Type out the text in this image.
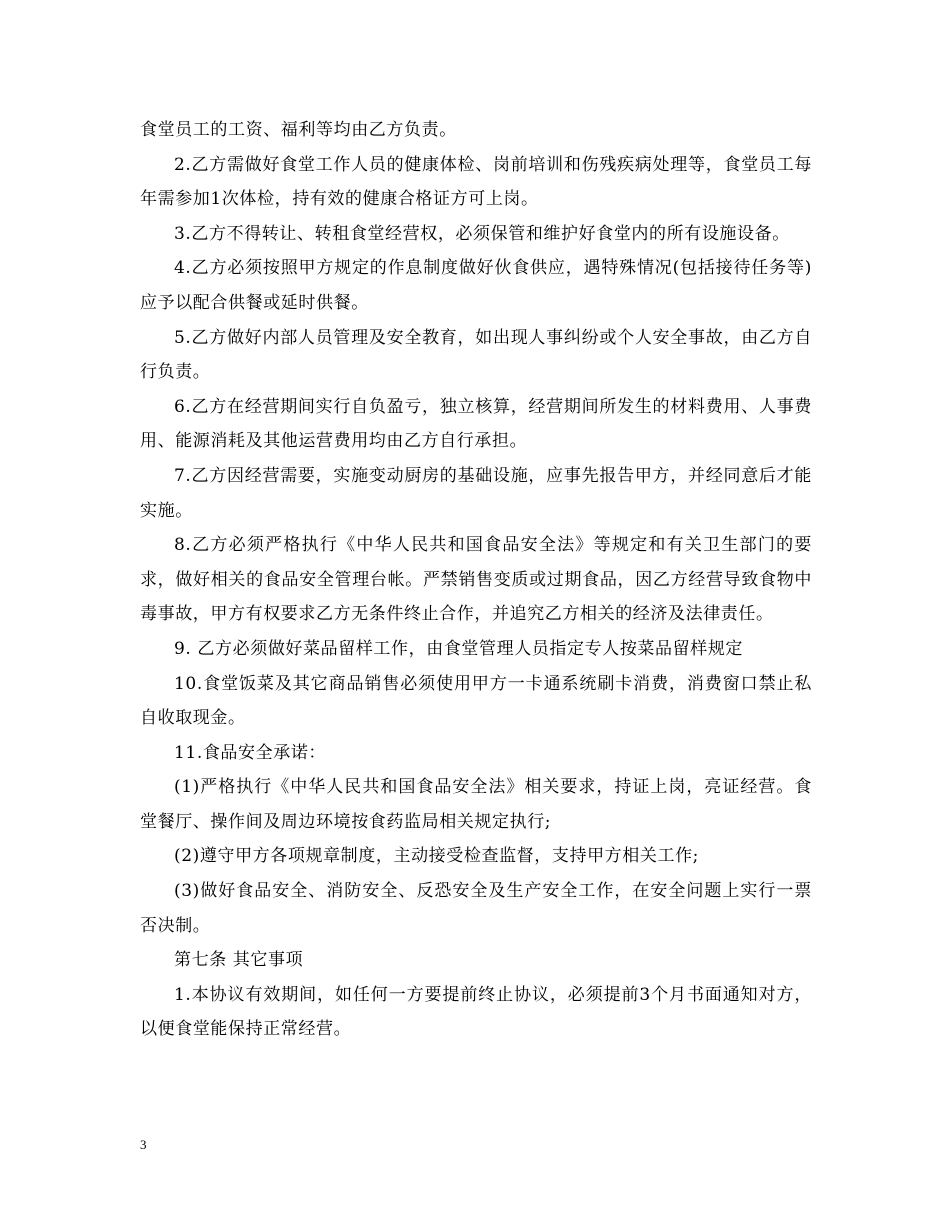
食堂员工的工资、福利等均由乙方负责。

2.乙方需做好食堂工作人员的健康体检、岗前培训和伤残疾病处理等，食堂员工每年需参加1次体检，持有效的健康合格证方可上岗。

3.乙方不得转让、转租食堂经营权，必须保管和维护好食堂内的所有设施设备。

4.乙方必须按照甲方规定的作息制度做好伙食供应，遇特殊情况(包括接待任务等)应予以配合供餐或延时供餐。

5.乙方做好内部人员管理及安全教育，如出现人事纠纷或个人安全事故，由乙方自行负责。

6.乙方在经营期间实行自负盈亏，独立核算，经营期间所发生的材料费用、人事费用、能源消耗及其他运营费用均由乙方自行承担。

7.乙方因经营需要，实施变动厨房的基础设施，应事先报告甲方，并经同意后才能实施。

8.乙方必须严格执行《中华人民共和国食品安全法》等规定和有关卫生部门的要求，做好相关的食品安全管理台帐。严禁销售变质或过期食品，因乙方经营导致食物中毒事故，甲方有权要求乙方无条件终止合作，并追究乙方相关的经济及法律责任。

9. 乙方必须做好菜品留样工作，由食堂管理人员指定专人按菜品留样规定

10.食堂饭菜及其它商品销售必须使用甲方一卡通系统刷卡消费，消费窗口禁止私自收取现金。

11.食品安全承诺：

(1)严格执行《中华人民共和国食品安全法》相关要求，持证上岗，亮证经营。食堂餐厅、操作间及周边环境按食药监局相关规定执行;

(2)遵守甲方各项规章制度，主动接受检查监督，支持甲方相关工作;

(3)做好食品安全、消防安全、反恐安全及生产安全工作，在安全问题上实行一票否决制。

第七条 其它事项

1.本协议有效期间，如任何一方要提前终止协议，必须提前3个月书面通知对方，以便食堂能保持正常经营。

3
